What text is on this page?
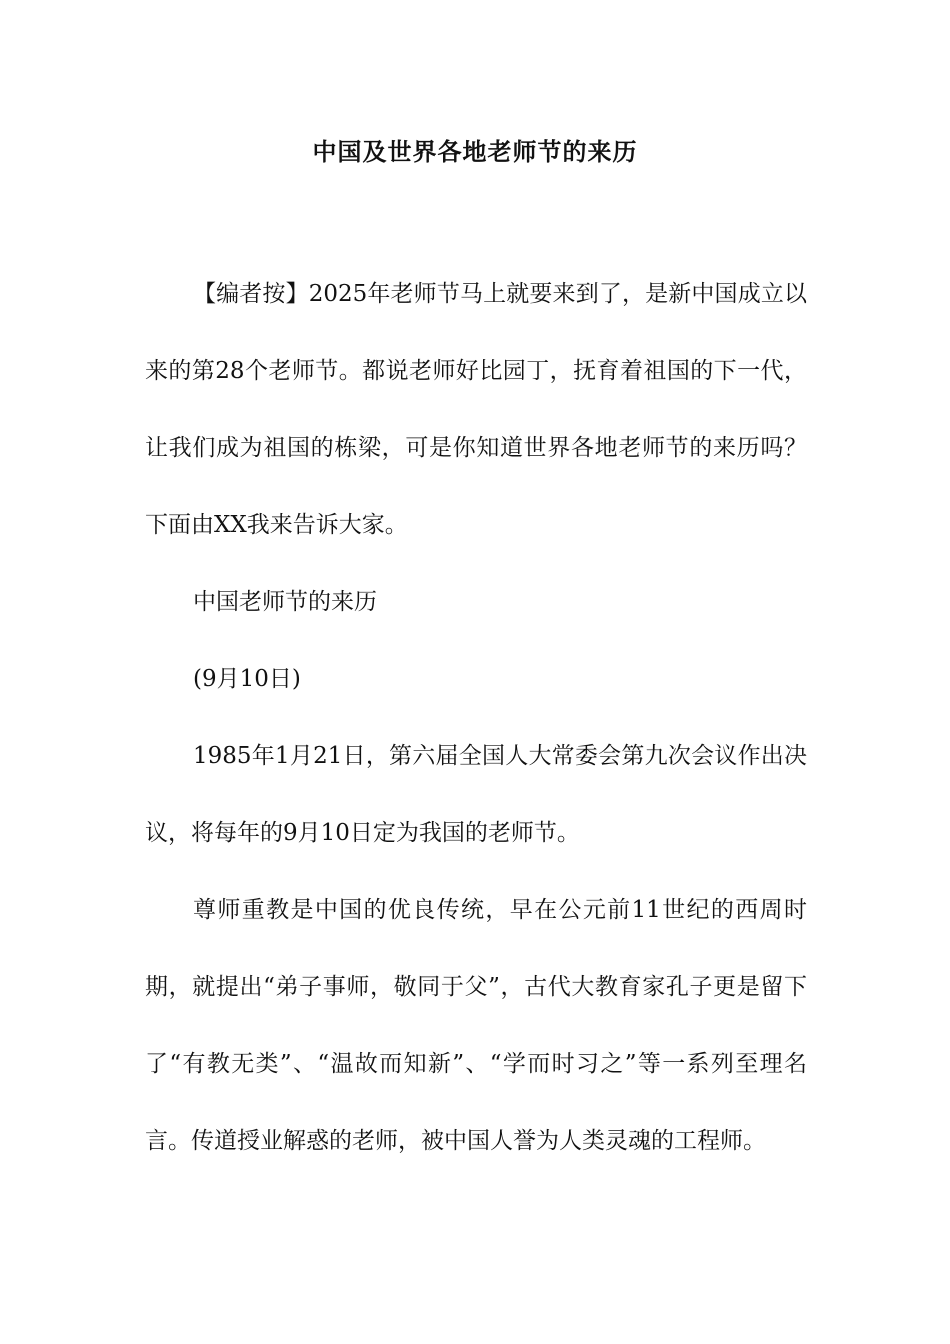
中国及世界各地老师节的来历

【编者按】2025年老师节马上就要来到了，是新中国成立以来的第28个老师节。都说老师好比园丁，抚育着祖国的下一代，让我们成为祖国的栋梁，可是你知道世界各地老师节的来历吗？下面由XX我来告诉大家。

中国老师节的来历

(9月10日)

1985年1月21日，第六届全国人大常委会第九次会议作出决议，将每年的9月10日定为我国的老师节。

尊师重教是中国的优良传统，早在公元前11世纪的西周时期，就提出“弟子事师，敬同于父”，古代大教育家孔子更是留下了“有教无类”、“温故而知新”、“学而时习之”等一系列至理名言。传道授业解惑的老师，被中国人誉为人类灵魂的工程师。
